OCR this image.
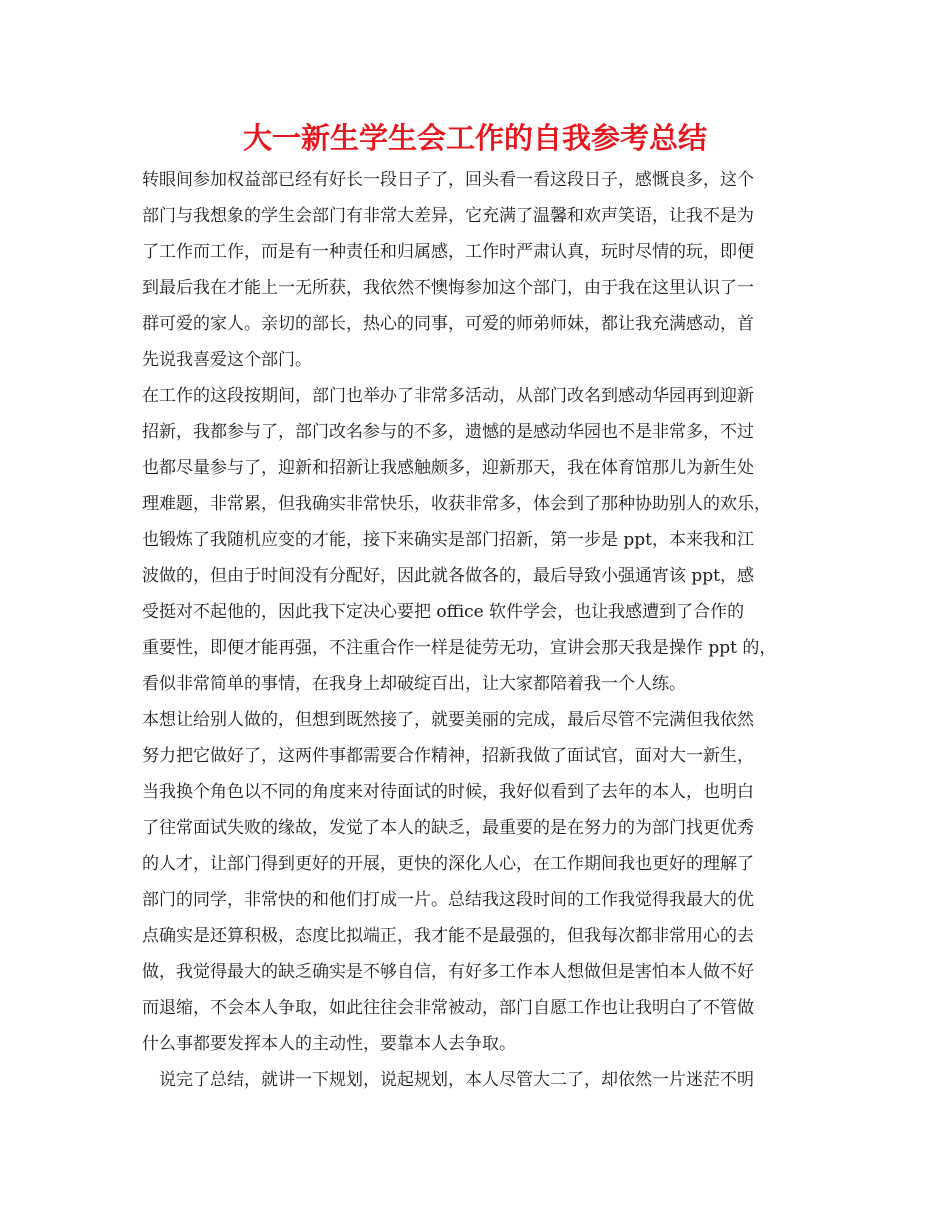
大一新生学生会工作的自我参考总结
转眼间参加权益部已经有好长一段日子了，回头看一看这段日子，感慨良多，这个
部门与我想象的学生会部门有非常大差异，它充满了温馨和欢声笑语，让我不是为
了工作而工作，而是有一种责任和归属感，工作时严肃认真，玩时尽情的玩，即便
到最后我在才能上一无所获，我依然不懊悔参加这个部门，由于我在这里认识了一
群可爱的家人。亲切的部长，热心的同事，可爱的师弟师妹，都让我充满感动，首
先说我喜爱这个部门。
在工作的这段按期间，部门也举办了非常多活动，从部门改名到感动华园再到迎新
招新，我都参与了，部门改名参与的不多，遗憾的是感动华园也不是非常多，不过
也都尽量参与了，迎新和招新让我感触颇多，迎新那天，我在体育馆那儿为新生处
理难题，非常累，但我确实非常快乐，收获非常多，体会到了那种协助别人的欢乐，
也锻炼了我随机应变的才能，接下来确实是部门招新，第一步是 ppt，本来我和江
波做的，但由于时间没有分配好，因此就各做各的，最后导致小强通宵该 ppt，感
受挺对不起他的，因此我下定决心要把 office 软件学会，也让我感遭到了合作的
重要性，即便才能再强，不注重合作一样是徒劳无功，宣讲会那天我是操作 ppt 的，
看似非常简单的事情，在我身上却破绽百出，让大家都陪着我一个人练。
本想让给别人做的，但想到既然接了，就要美丽的完成，最后尽管不完满但我依然
努力把它做好了，这两件事都需要合作精神，招新我做了面试官，面对大一新生，
当我换个角色以不同的角度来对待面试的时候，我好似看到了去年的本人，也明白
了往常面试失败的缘故，发觉了本人的缺乏，最重要的是在努力的为部门找更优秀
的人才，让部门得到更好的开展，更快的深化人心，在工作期间我也更好的理解了
部门的同学，非常快的和他们打成一片。总结我这段时间的工作我觉得我最大的优
点确实是还算积极，态度比拟端正，我才能不是最强的，但我每次都非常用心的去
做，我觉得最大的缺乏确实是不够自信，有好多工作本人想做但是害怕本人做不好
而退缩，不会本人争取，如此往往会非常被动，部门自愿工作也让我明白了不管做
什么事都要发挥本人的主动性，要靠本人去争取。
说完了总结，就讲一下规划，说起规划，本人尽管大二了，却依然一片迷茫不明
